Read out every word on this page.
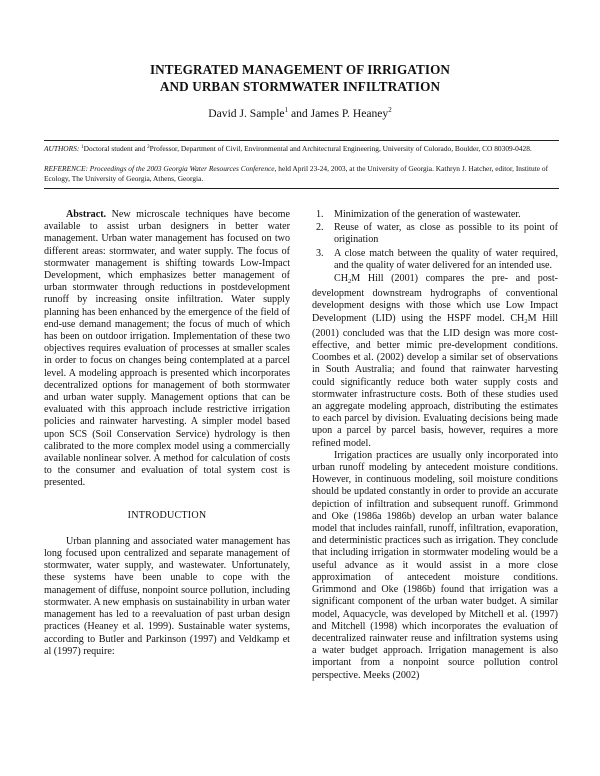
INTEGRATED MANAGEMENT OF IRRIGATION
AND URBAN STORMWATER INFILTRATION
David J. Sample$^1$ and James P. Heaney$^2$
AUTHORS: $^1$Doctoral student and $^2$Professor, Department of Civil, Environmental and Architectural Engineering, University of Colorado, Boulder, CO 80309-0428.
REFERENCE: Proceedings of the 2003 Georgia Water Resources Conference, held April 23-24, 2003, at the University of Georgia. Kathryn J. Hatcher, editor, Institute of Ecology, The University of Georgia, Athens, Georgia.

Abstract. New microscale techniques have become available to assist urban designers in better water management. Urban water management has focused on two different areas: stormwater, and water supply. The focus of stormwater management is shifting towards Low-Impact Development, which emphasizes better management of urban stormwater through reductions in postdevelopment runoff by increasing onsite infiltration. Water supply planning has been enhanced by the emergence of the field of end-use demand management; the focus of much of which has been on outdoor irrigation. Implementation of these two objectives requires evaluation of processes at smaller scales in order to focus on changes being contemplated at a parcel level. A modeling approach is presented which incorporates decentralized options for management of both stormwater and urban water supply. Management options that can be evaluated with this approach include restrictive irrigation policies and rainwater harvesting. A simpler model based upon SCS (Soil Conservation Service) hydrology is then calibrated to the more complex model using a commercially available nonlinear solver. A method for calculation of costs to the consumer and evaluation of total system cost is presented.

INTRODUCTION

Urban planning and associated water management has long focused upon centralized and separate management of stormwater, water supply, and wastewater. Unfortunately, these systems have been unable to cope with the management of diffuse, nonpoint source pollution, including stormwater. A new emphasis on sustainability in urban water management has led to a reevaluation of past urban design practices (Heaney et al. 1999). Sustainable water systems, according to Butler and Parkinson (1997) and Veldkamp et al (1997) require:

1. Minimization of the generation of wastewater.
2. Reuse of water, as close as possible to its point of origination
3. A close match between the quality of water required, and the quality of water delivered for an intended use.

$CH_2M$ Hill (2001) compares the pre- and post-development downstream hydrographs of conventional development designs with those which use Low Impact Development (LID) using the HSPF model. $CH_2M$ Hill (2001) concluded was that the LID design was more cost-effective, and better mimic pre-development conditions. Coombes et al. (2002) develop a similar set of observations in South Australia; and found that rainwater harvesting could significantly reduce both water supply costs and stormwater infrastructure costs. Both of these studies used an aggregate modeling approach, distributing the estimates to each parcel by division. Evaluating decisions being made upon a parcel by parcel basis, however, requires a more refined model.

Irrigation practices are usually only incorporated into urban runoff modeling by antecedent moisture conditions. However, in continuous modeling, soil moisture conditions should be updated constantly in order to provide an accurate depiction of infiltration and subsequent runoff. Grimmond and Oke (1986a 1986b) develop an urban water balance model that includes rainfall, runoff, infiltration, evaporation, and deterministic practices such as irrigation. They conclude that including irrigation in stormwater modeling would be a useful advance as it would assist in a more close approximation of antecedent moisture conditions. Grimmond and Oke (1986b) found that irrigation was a significant component of the urban water budget. A similar model, Aquacycle, was developed by Mitchell et al. (1997) and Mitchell (1998) which incorporates the evaluation of decentralized rainwater reuse and infiltration systems using a water budget approach. Irrigation management is also important from a nonpoint source pollution control perspective. Meeks (2002)
